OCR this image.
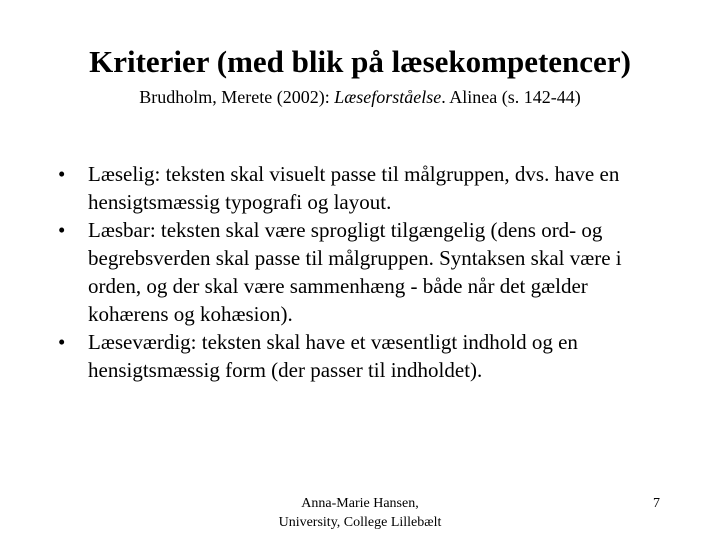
Kriterier (med blik på læsekompetencer)

Brudholm, Merete (2002): Læseforståelse. Alinea (s. 142-44)

• Læselig: teksten skal visuelt passe til målgruppen, dvs. have en hensigtsmæssig typografi og layout.
• Læsbar: teksten skal være sprogligt tilgængelig (dens ord- og begrebsverden skal passe til målgruppen. Syntaksen skal være i orden, og der skal være sammenhæng - både når det gælder kohærens og kohæsion).
• Læseværdig: teksten skal have et væsentligt indhold og en hensigtsmæssig form (der passer til indholdet).
Anna-Marie Hansen,
University, College Lillebælt
7
